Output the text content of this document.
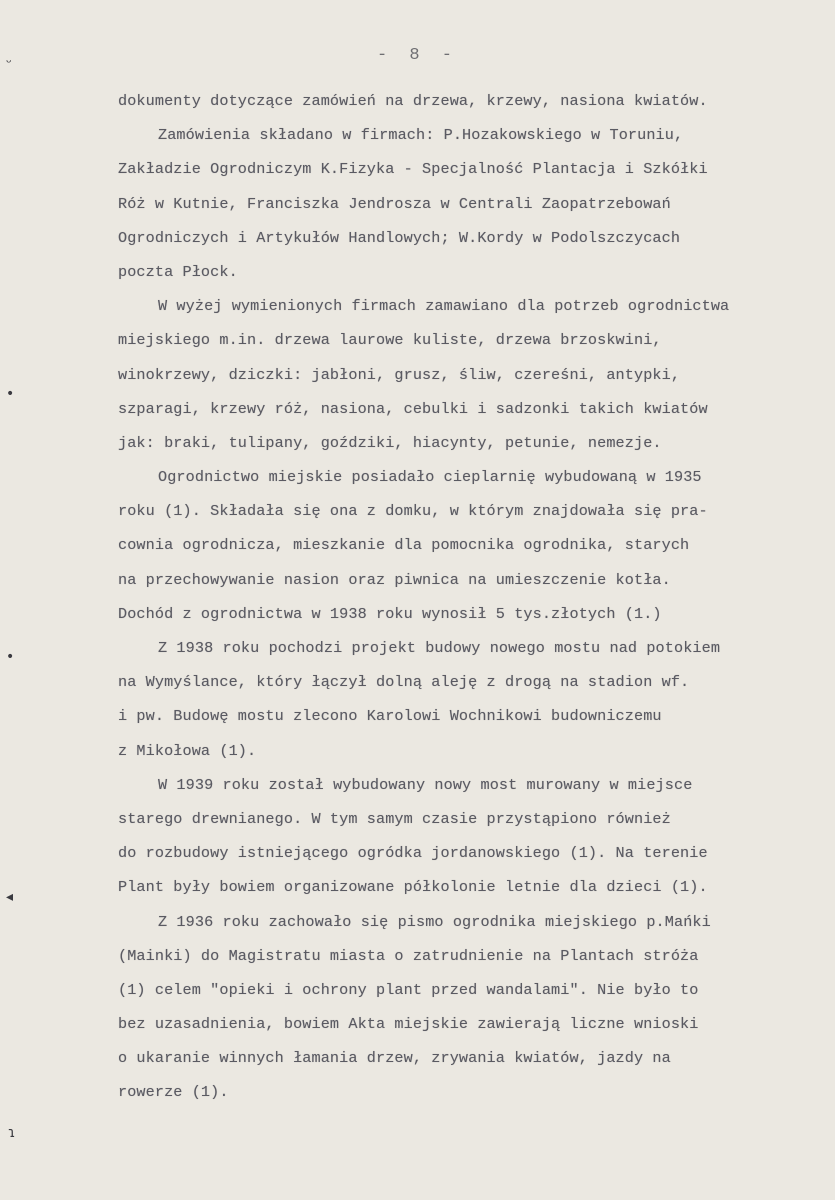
- 8 -
ᵕ
•
•
◂
ɿ
dokumenty dotyczące zamówień na drzewa, krzewy, nasiona kwiatów.
Zamówienia składano w firmach: P.Hozakowskiego w Toruniu,
Zakładzie Ogrodniczym K.Fizyka - Specjalność Plantacja i Szkółki
Róż w Kutnie, Franciszka Jendrosza w Centrali Zaopatrzebowań
Ogrodniczych i Artykułów Handlowych; W.Kordy w Podolszczycach
poczta Płock.
W wyżej wymienionych firmach zamawiano dla potrzeb ogrodnictwa
miejskiego m.in. drzewa laurowe kuliste, drzewa brzoskwini,
winokrzewy, dziczki: jabłoni, grusz, śliw, czereśni, antypki,
szparagi, krzewy róż, nasiona, cebulki i sadzonki takich kwiatów
jak: braki, tulipany, goździki, hiacynty, petunie, nemezje.
Ogrodnictwo miejskie posiadało cieplarnię wybudowaną w 1935
roku (1). Składała się ona z domku, w którym znajdowała się pra-
cownia ogrodnicza, mieszkanie dla pomocnika ogrodnika, starych
na przechowywanie nasion oraz piwnica na umieszczenie kotła.
Dochód z ogrodnictwa w 1938 roku wynosił 5 tys.złotych (1.)
Z 1938 roku pochodzi projekt budowy nowego mostu nad potokiem
na Wymyślance, który łączył dolną aleję z drogą na stadion wf.
i pw. Budowę mostu zlecono Karolowi Wochnikowi budowniczemu
z Mikołowa (1).
W 1939 roku został wybudowany nowy most murowany w miejsce
starego drewnianego. W tym samym czasie przystąpiono również
do rozbudowy istniejącego ogródka jordanowskiego (1). Na terenie
Plant były bowiem organizowane półkolonie letnie dla dzieci (1).
Z 1936 roku zachowało się pismo ogrodnika miejskiego p.Mańki
(Mainki) do Magistratu miasta o zatrudnienie na Plantach stróża
(1) celem "opieki i ochrony plant przed wandalami". Nie było to
bez uzasadnienia, bowiem Akta miejskie zawierają liczne wnioski
o ukaranie winnych łamania drzew, zrywania kwiatów, jazdy na
rowerze (1).
